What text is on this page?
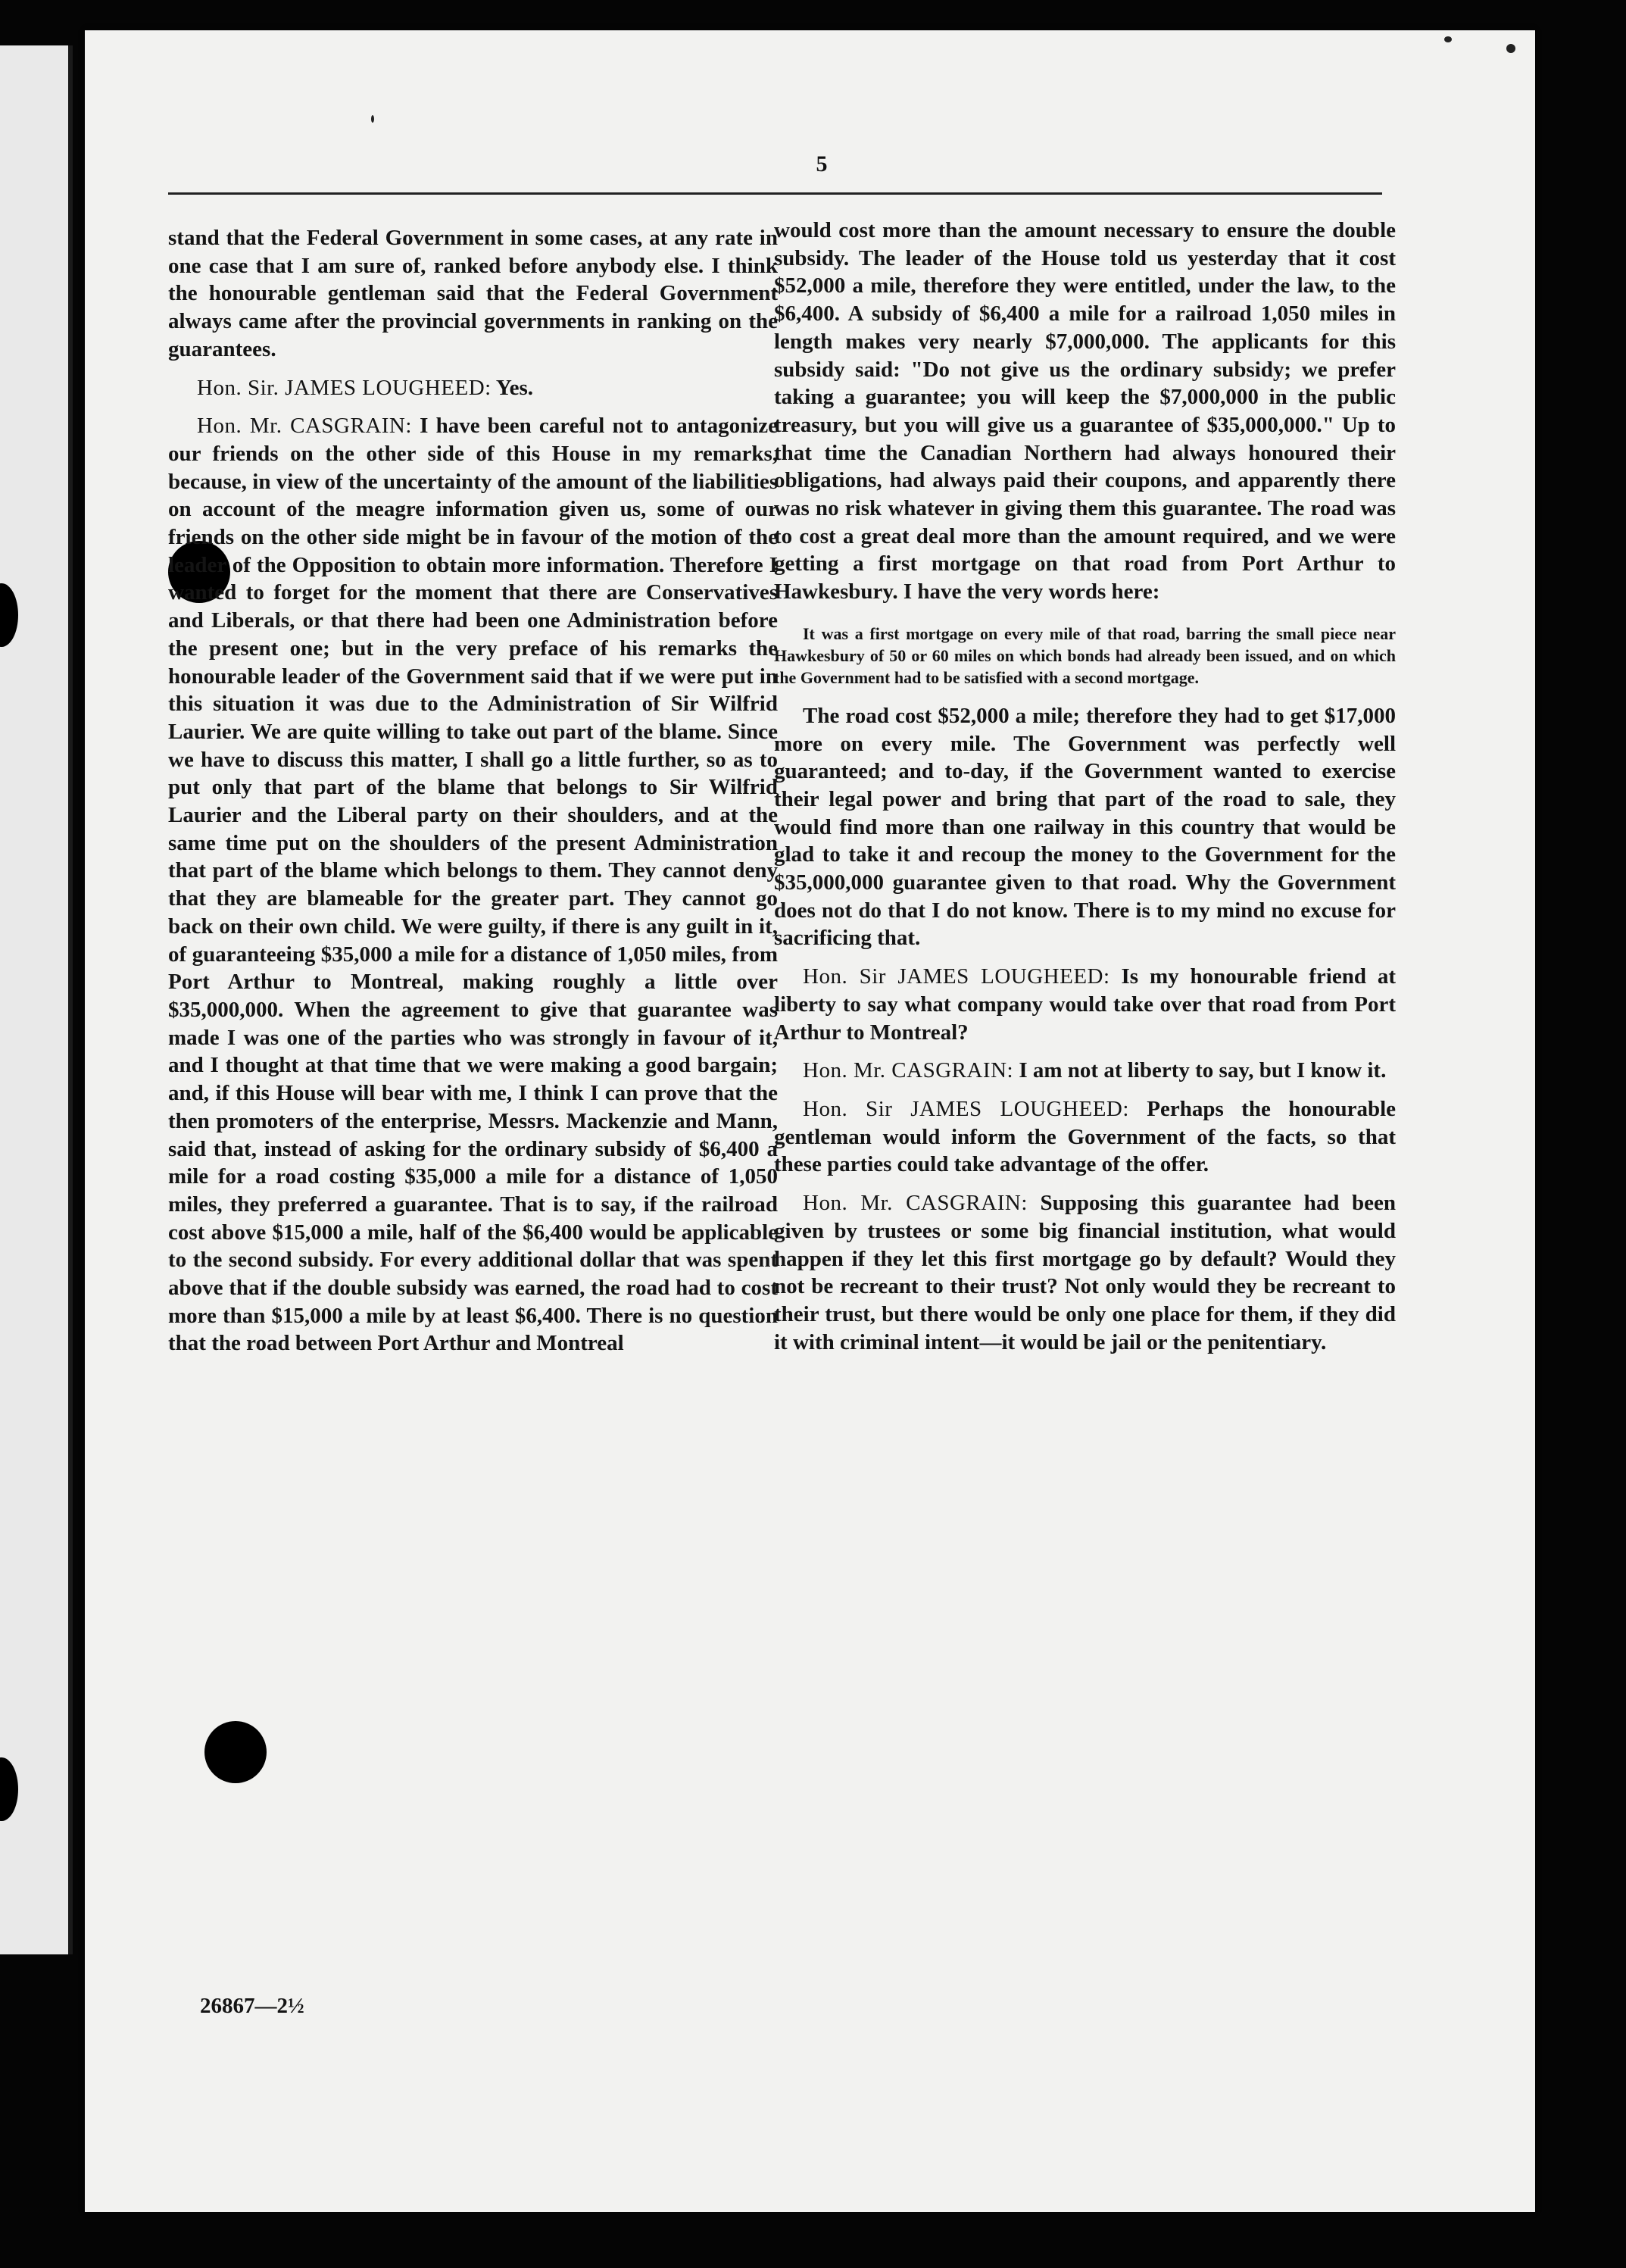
5

stand that the Federal Government in some cases, at any rate in one case that I am sure of, ranked before anybody else. I think the honourable gentleman said that the Federal Government always came after the provincial governments in ranking on the guarantees.

Hon. Sir. JAMES LOUGHEED: Yes.

Hon. Mr. CASGRAIN: I have been careful not to antagonize our friends on the other side of this House in my remarks, because, in view of the uncertainty of the amount of the liabilities on account of the meagre information given us, some of our friends on the other side might be in favour of the motion of the leader of the Opposition to obtain more information. Therefore I wanted to forget for the moment that there are Conservatives and Liberals, or that there had been one Administration before the present one; but in the very preface of his remarks the honourable leader of the Government said that if we were put in this situation it was due to the Administration of Sir Wilfrid Laurier. We are quite willing to take out part of the blame. Since we have to discuss this matter, I shall go a little further, so as to put only that part of the blame that belongs to Sir Wilfrid Laurier and the Liberal party on their shoulders, and at the same time put on the shoulders of the present Administration that part of the blame which belongs to them. They cannot deny that they are blameable for the greater part. They cannot go back on their own child. We were guilty, if there is any guilt in it, of guaranteeing $35,000 a mile for a distance of 1,050 miles, from Port Arthur to Montreal, making roughly a little over $35,000,000. When the agreement to give that guarantee was made I was one of the parties who was strongly in favour of it, and I thought at that time that we were making a good bargain; and, if this House will bear with me, I think I can prove that the then promoters of the enterprise, Messrs. Mackenzie and Mann, said that, instead of asking for the ordinary subsidy of $6,400 a mile for a road costing $35,000 a mile for a distance of 1,050 miles, they preferred a guarantee. That is to say, if the railroad cost above $15,000 a mile, half of the $6,400 would be applicable to the second subsidy. For every additional dollar that was spent above that if the double subsidy was earned, the road had to cost more than $15,000 a mile by at least $6,400. There is no question that the road between Port Arthur and Montreal

would cost more than the amount necessary to ensure the double subsidy. The leader of the House told us yesterday that it cost $52,000 a mile, therefore they were entitled, under the law, to the $6,400. A subsidy of $6,400 a mile for a railroad 1,050 miles in length makes very nearly $7,000,000. The applicants for this subsidy said: "Do not give us the ordinary subsidy; we prefer taking a guarantee; you will keep the $7,000,000 in the public treasury, but you will give us a guarantee of $35,000,000." Up to that time the Canadian Northern had always honoured their obligations, had always paid their coupons, and apparently there was no risk whatever in giving them this guarantee. The road was to cost a great deal more than the amount required, and we were getting a first mortgage on that road from Port Arthur to Hawkesbury. I have the very words here:

It was a first mortgage on every mile of that road, barring the small piece near Hawkesbury of 50 or 60 miles on which bonds had already been issued, and on which the Government had to be satisfied with a second mortgage.

The road cost $52,000 a mile; therefore they had to get $17,000 more on every mile. The Government was perfectly well guaranteed; and to-day, if the Government wanted to exercise their legal power and bring that part of the road to sale, they would find more than one railway in this country that would be glad to take it and recoup the money to the Government for the $35,000,000 guarantee given to that road. Why the Government does not do that I do not know. There is to my mind no excuse for sacrificing that.

Hon. Sir JAMES LOUGHEED: Is my honourable friend at liberty to say what company would take over that road from Port Arthur to Montreal?

Hon. Mr. CASGRAIN: I am not at liberty to say, but I know it.

Hon. Sir JAMES LOUGHEED: Perhaps the honourable gentleman would inform the Government of the facts, so that these parties could take advantage of the offer.

Hon. Mr. CASGRAIN: Supposing this guarantee had been given by trustees or some big financial institution, what would happen if they let this first mortgage go by default? Would they not be recreant to their trust? Not only would they be recreant to their trust, but there would be only one place for them, if they did it with criminal intent—it would be jail or the penitentiary.

26867—2½
